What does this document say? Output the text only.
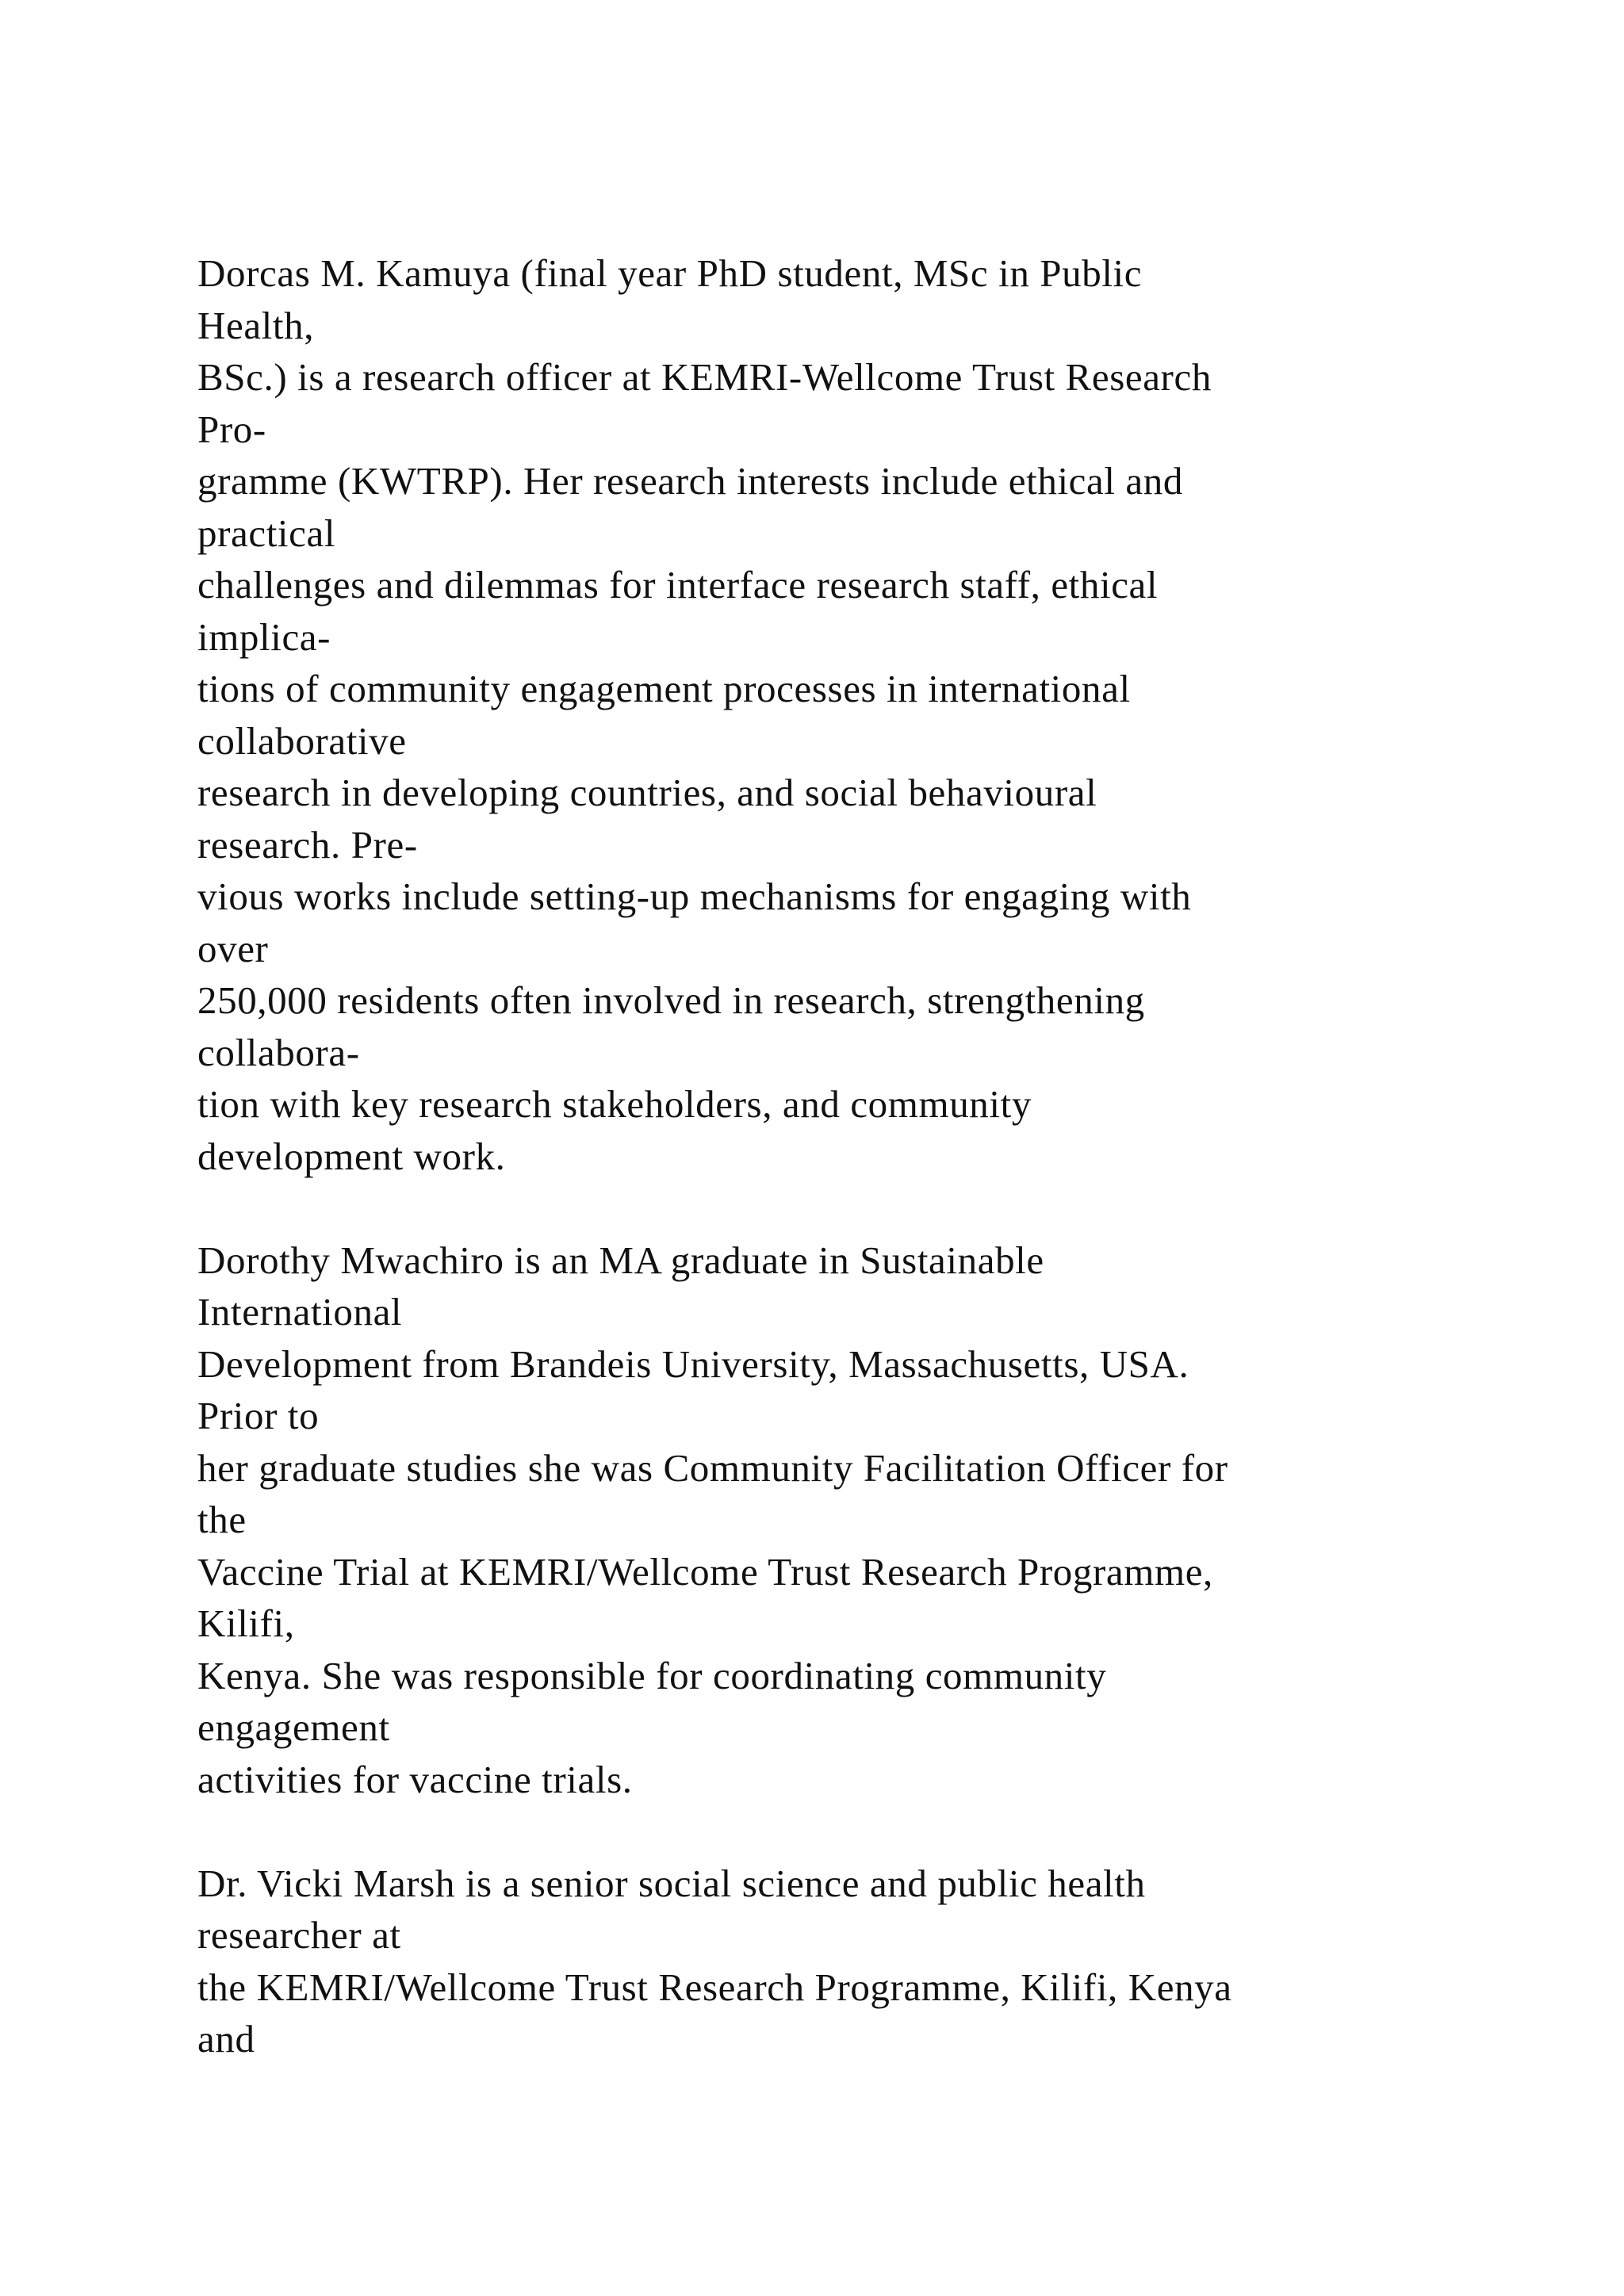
Dorcas M. Kamuya (final year PhD student, MSc in Public
Health,
BSc.) is a research officer at KEMRI-Wellcome Trust Research
Pro-
gramme (KWTRP). Her research interests include ethical and
practical
challenges and dilemmas for interface research staff, ethical
implica-
tions of community engagement processes in international
collaborative
research in developing countries, and social behavioural
research. Pre-
vious works include setting-up mechanisms for engaging with
over
250,000 residents often involved in research, strengthening
collabora-
tion with key research stakeholders, and community
development work.
Dorothy Mwachiro is an MA graduate in Sustainable
International
Development from Brandeis University, Massachusetts, USA.
Prior to
her graduate studies she was Community Facilitation Officer for
the
Vaccine Trial at KEMRI/Wellcome Trust Research Programme,
Kilifi,
Kenya. She was responsible for coordinating community
engagement
activities for vaccine trials.
Dr. Vicki Marsh is a senior social science and public health
researcher at
the KEMRI/Wellcome Trust Research Programme, Kilifi, Kenya
and
